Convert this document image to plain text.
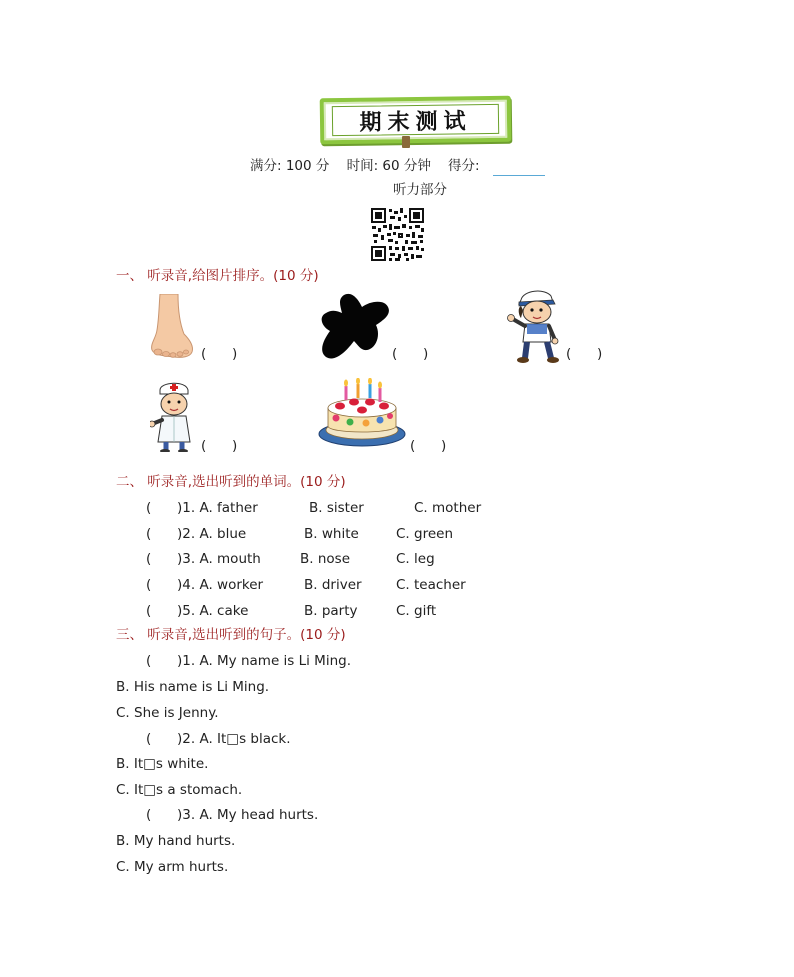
期末测试
满分: 100 分    时间: 60 分钟    得分:
听力部分
一、 听录音,给图片排序。(10 分)
(      )	(      )	(      )
(      )	(      )
二、 听录音,选出听到的单词。(10 分)
(      )1. A. father	B. sister	C. mother
(      )2. A. blue	B. white	C. green
(      )3. A. mouth	B. nose	C. leg
(      )4. A. worker	B. driver	C. teacher
(      )5. A. cake	B. party	C. gift
三、 听录音,选出听到的句子。(10 分)
(      )1. A. My name is Li Ming.
B. His name is Li Ming.
C. She is Jenny.
(      )2. A. It□s black.
B. It□s white.
C. It□s a stomach.
(      )3. A. My head hurts.
B. My hand hurts.
C. My arm hurts.
